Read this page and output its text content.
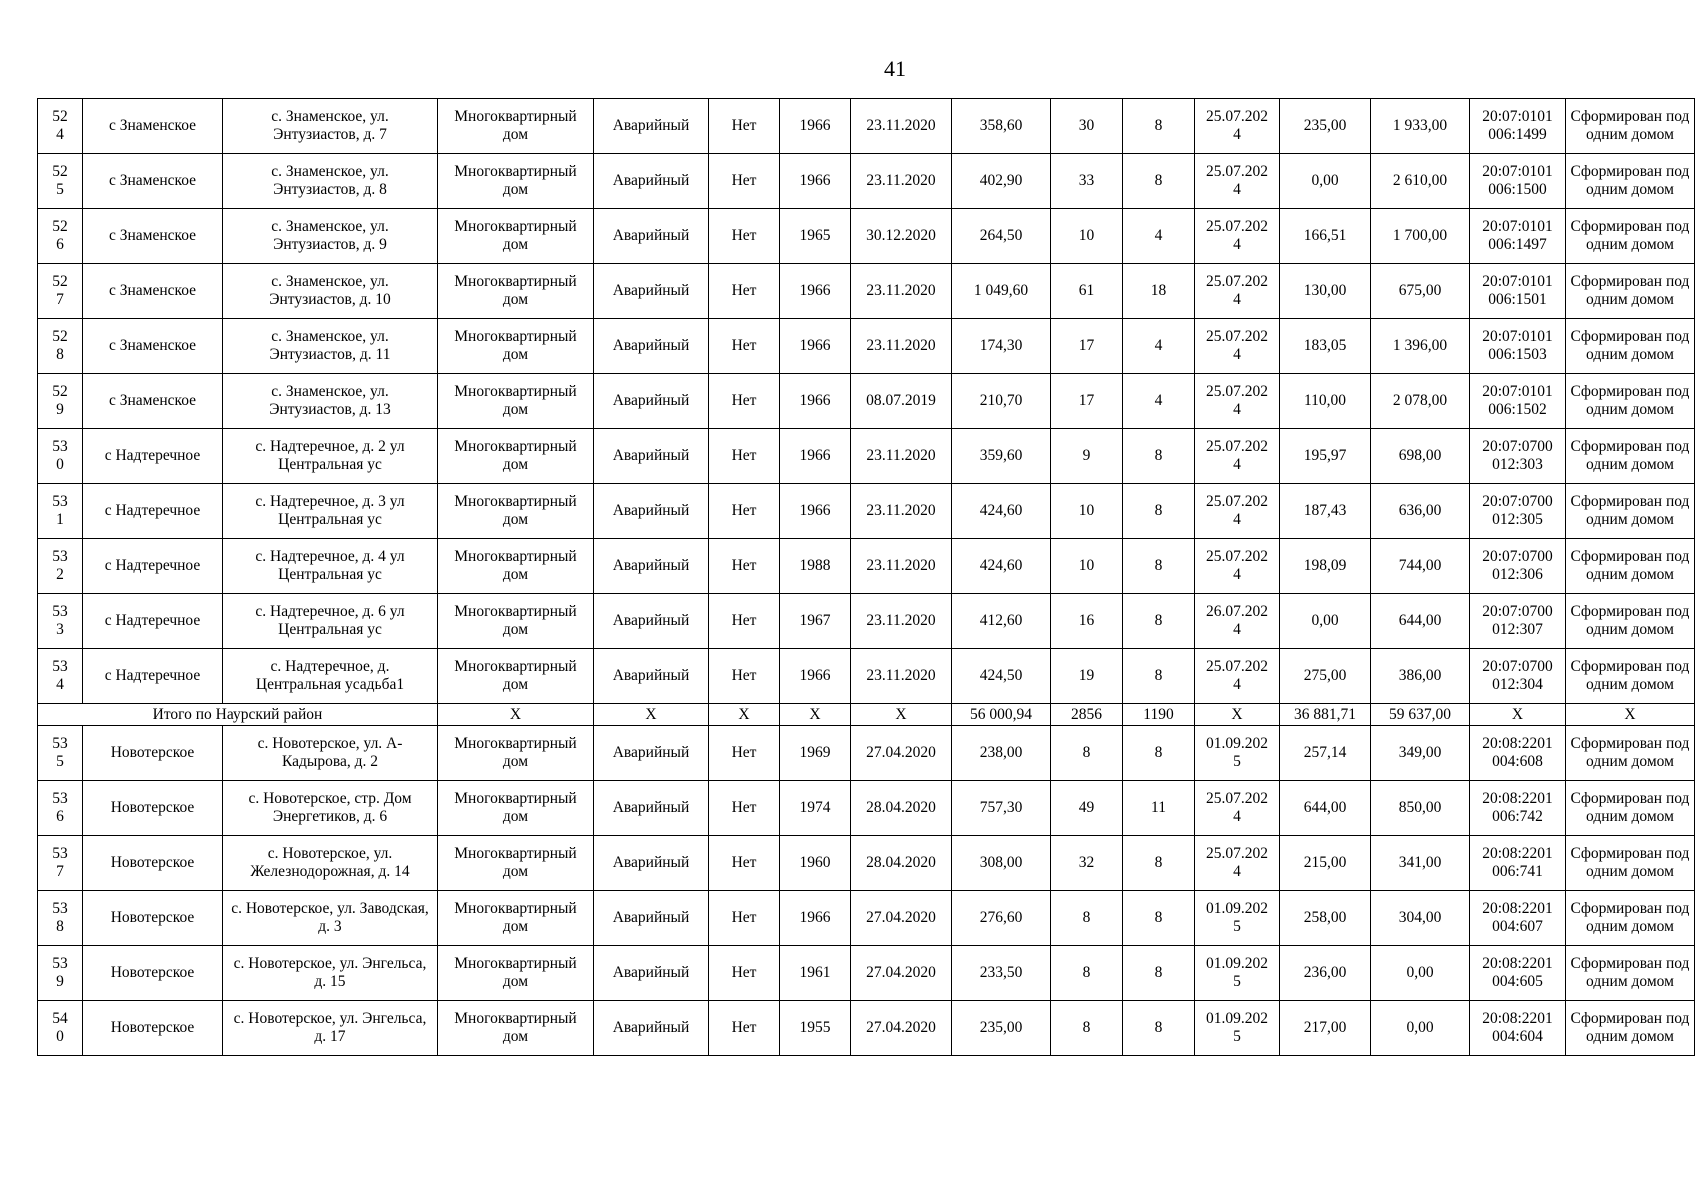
41
524	с Знаменское	с. Знаменское, ул. Энтузиастов, д. 7	Многоквартирный дом	Аварийный	Нет	1966	23.11.2020	358,60	30	8	25.07.2024	235,00	1 933,00	20:07:0101006:1499	Сформирован под одним домом

525	с Знаменское	с. Знаменское, ул. Энтузиастов, д. 8	Многоквартирный дом	Аварийный	Нет	1966	23.11.2020	402,90	33	8	25.07.2024	0,00	2 610,00	20:07:0101006:1500	Сформирован под одним домом

526	с Знаменское	с. Знаменское, ул. Энтузиастов, д. 9	Многоквартирный дом	Аварийный	Нет	1965	30.12.2020	264,50	10	4	25.07.2024	166,51	1 700,00	20:07:0101006:1497	Сформирован под одним домом

527	с Знаменское	с. Знаменское, ул. Энтузиастов, д. 10	Многоквартирный дом	Аварийный	Нет	1966	23.11.2020	1 049,60	61	18	25.07.2024	130,00	675,00	20:07:0101006:1501	Сформирован под одним домом

528	с Знаменское	с. Знаменское, ул. Энтузиастов, д. 11	Многоквартирный дом	Аварийный	Нет	1966	23.11.2020	174,30	17	4	25.07.2024	183,05	1 396,00	20:07:0101006:1503	Сформирован под одним домом

529	с Знаменское	с. Знаменское, ул. Энтузиастов, д. 13	Многоквартирный дом	Аварийный	Нет	1966	08.07.2019	210,70	17	4	25.07.2024	110,00	2 078,00	20:07:0101006:1502	Сформирован под одним домом

530	с Надтеречное	с. Надтеречное, д. 2 ул Центральная ус	Многоквартирный дом	Аварийный	Нет	1966	23.11.2020	359,60	9	8	25.07.2024	195,97	698,00	20:07:0700012:303	Сформирован под одним домом

531	с Надтеречное	с. Надтеречное, д. 3 ул Центральная ус	Многоквартирный дом	Аварийный	Нет	1966	23.11.2020	424,60	10	8	25.07.2024	187,43	636,00	20:07:0700012:305	Сформирован под одним домом

532	с Надтеречное	с. Надтеречное, д. 4 ул Центральная ус	Многоквартирный дом	Аварийный	Нет	1988	23.11.2020	424,60	10	8	25.07.2024	198,09	744,00	20:07:0700012:306	Сформирован под одним домом

533	с Надтеречное	с. Надтеречное, д. 6 ул Центральная ус	Многоквартирный дом	Аварийный	Нет	1967	23.11.2020	412,60	16	8	26.07.2024	0,00	644,00	20:07:0700012:307	Сформирован под одним домом

534	с Надтеречное	с. Надтеречное, д. Центральная усадьба1	Многоквартирный дом	Аварийный	Нет	1966	23.11.2020	424,50	19	8	25.07.2024	275,00	386,00	20:07:0700012:304	Сформирован под одним домом
Итого по Наурский район			Х	Х	Х	Х	Х	56 000,94	2856	1190	Х	36 881,71	59 637,00	Х	Х

535	Новотерское	с. Новотерское, ул. А-Кадырова, д. 2	Многоквартирный дом	Аварийный	Нет	1969	27.04.2020	238,00	8	8	01.09.2025	257,14	349,00	20:08:2201004:608	Сформирован под одним домом

536	Новотерское	с. Новотерское, стр. Дом Энергетиков, д. 6	Многоквартирный дом	Аварийный	Нет	1974	28.04.2020	757,30	49	11	25.07.2024	644,00	850,00	20:08:2201006:742	Сформирован под одним домом

537	Новотерское	с. Новотерское, ул. Железнодорожная, д. 14	Многоквартирный дом	Аварийный	Нет	1960	28.04.2020	308,00	32	8	25.07.2024	215,00	341,00	20:08:2201006:741	Сформирован под одним домом

538	Новотерское	с. Новотерское, ул. Заводская, д. 3	Многоквартирный дом	Аварийный	Нет	1966	27.04.2020	276,60	8	8	01.09.2025	258,00	304,00	20:08:2201004:607	Сформирован под одним домом

539	Новотерское	с. Новотерское, ул. Энгельса, д. 15	Многоквартирный дом	Аварийный	Нет	1961	27.04.2020	233,50	8	8	01.09.2025	236,00	0,00	20:08:2201004:605	Сформирован под одним домом

540	Новотерское	с. Новотерское, ул. Энгельса, д. 17	Многоквартирный дом	Аварийный	Нет	1955	27.04.2020	235,00	8	8	01.09.2025	217,00	0,00	20:08:2201004:604	Сформирован под одним домом
